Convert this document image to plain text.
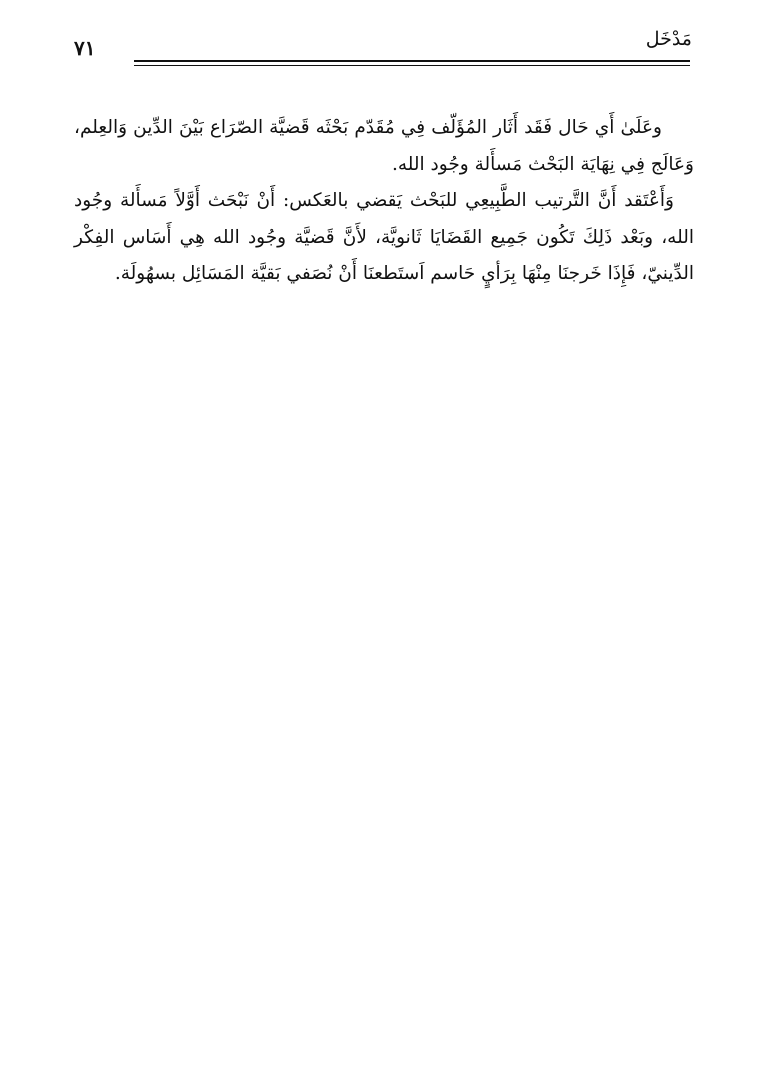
٧١	مَدْخَل

وعَلَىٰ أَي حَال فَقَد أَثَار المُؤَلّف فِي مُقَدّم بَحْثَه قَضيَّة الصّرَاع بَيْنَ الدِّين وَالعِلم، وَعَالَج فِي نِهَايَة البَحْث مَسأَلة وجُود الله.

وَأَعْتَقد أَنَّ التَّرتيب الطَّبِيعِي للبَحْث يَقضي بالعَكس: أَنْ نَبْحَث أَوَّلاً مَسأَلة وجُود الله، وبَعْد ذَلِكَ تَكُون جَمِيع القَضَايَا ثَانويَّة، لأَنَّ قَضيَّة وجُود الله هِي أَسَاس الفِكْر الدِّينيّ، فَإِذَا خَرجنَا مِنْهَا بِرَأيٍ حَاسم اَستَطعنَا أَنْ نُصَفي بَقيَّة المَسَائِل بسهُولَة.
